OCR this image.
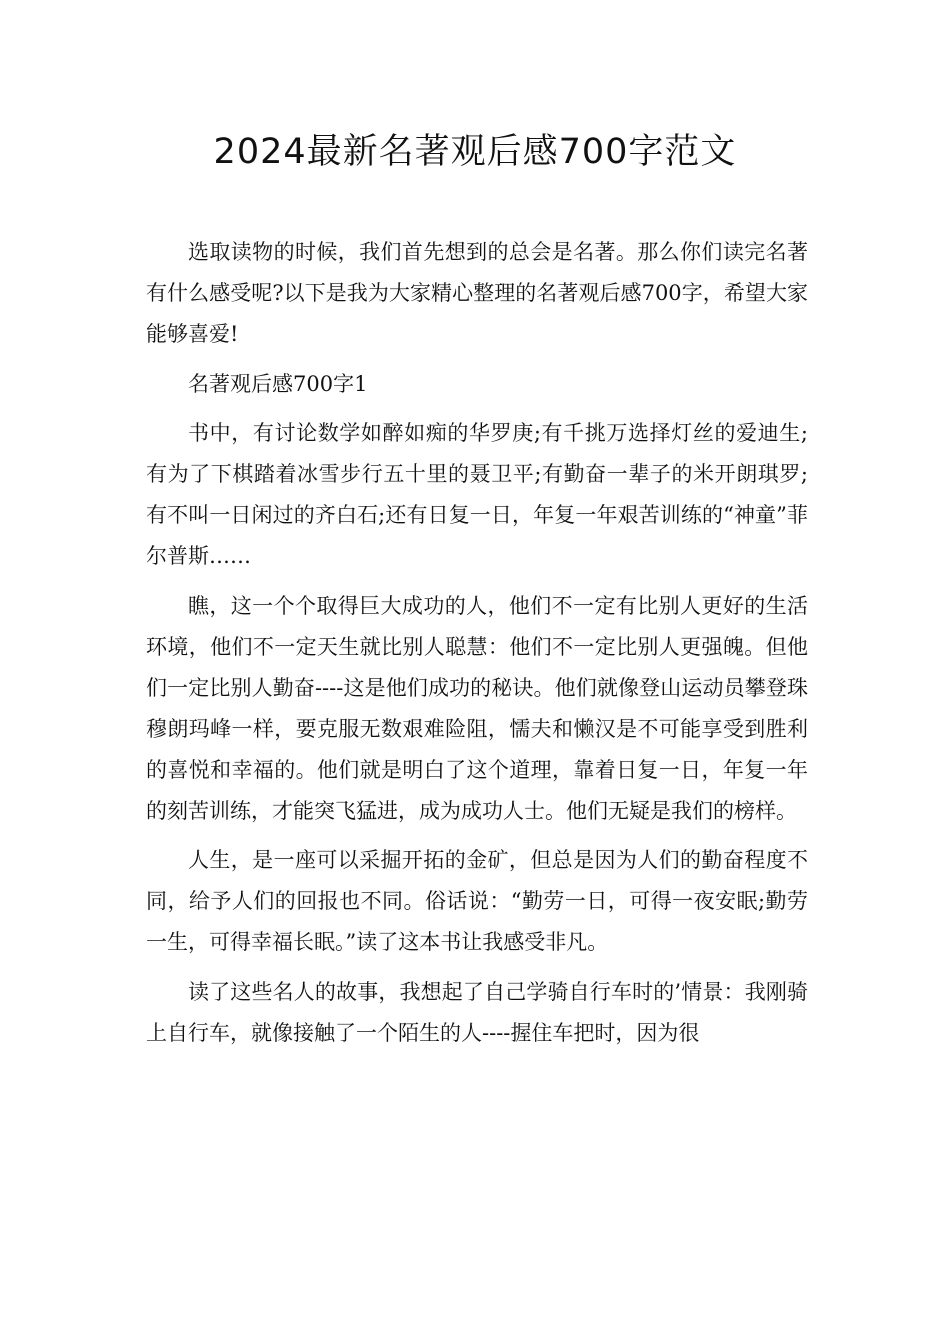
2024最新名著观后感700字范文

选取读物的时候，我们首先想到的总会是名著。那么你们读完名著有什么感受呢?以下是我为大家精心整理的名著观后感700字，希望大家能够喜爱!

名著观后感700字1

书中，有讨论数学如醉如痴的华罗庚;有千挑万选择灯丝的爱迪生;有为了下棋踏着冰雪步行五十里的聂卫平;有勤奋一辈子的米开朗琪罗;有不叫一日闲过的齐白石;还有日复一日，年复一年艰苦训练的“神童”菲尔普斯……

瞧，这一个个取得巨大成功的人，他们不一定有比别人更好的生活环境，他们不一定天生就比别人聪慧：他们不一定比别人更强魄。但他们一定比别人勤奋----这是他们成功的秘诀。他们就像登山运动员攀登珠穆朗玛峰一样，要克服无数艰难险阻，懦夫和懒汉是不可能享受到胜利的喜悦和幸福的。他们就是明白了这个道理，靠着日复一日，年复一年的刻苦训练，才能突飞猛进，成为成功人士。他们无疑是我们的榜样。

人生，是一座可以采掘开拓的金矿，但总是因为人们的勤奋程度不同，给予人们的回报也不同。俗话说：“勤劳一日，可得一夜安眠;勤劳一生，可得幸福长眠。”读了这本书让我感受非凡。

读了这些名人的故事，我想起了自己学骑自行车时的’情景：我刚骑上自行车，就像接触了一个陌生的人----握住车把时，因为很
